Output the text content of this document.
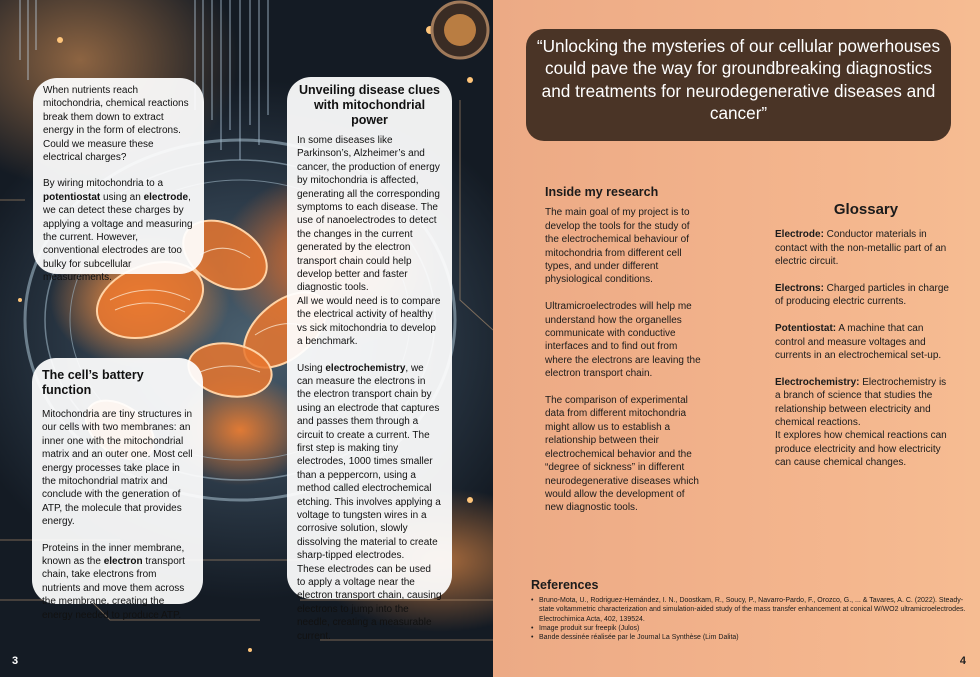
When nutrients reach mitochondria, chemical reactions break them down to extract energy in the form of electrons.
Could we measure these electrical charges?

By wiring mitochondria to a potentiostat using an electrode, we can detect these charges by applying a voltage and measuring the current. However, conventional electrodes are too bulky for subcellular measurements.

Unveiling disease clues with mitochondrial power

In some diseases like Parkinson’s, Alzheimer’s and cancer, the production of energy by mitochondria is affected, generating all the corresponding symptoms to each disease. The use of nanoelectrodes to detect the changes in the current generated by the electron transport chain could help develop better and faster diagnostic tools.
All we would need is to compare the electrical activity of healthy vs sick mitochondria to develop a benchmark.

Using electrochemistry, we can measure the electrons in the electron transport chain by using an electrode that captures and passes them through a circuit to create a current. The first step is making tiny electrodes, 1000 times smaller than a peppercorn, using a method called electrochemical etching. This involves applying a voltage to tungsten wires in a corrosive solution, slowly dissolving the material to create sharp-tipped electrodes.
These electrodes can be used to apply a voltage near the electron transport chain, causing electrons to jump into the needle, creating a measurable current.

The cell’s battery function

Mitochondria are tiny structures in our cells with two membranes: an inner one with the mitochondrial matrix and an outer one. Most cell energy processes take place in the mitochondrial matrix and conclude with the generation of ATP, the molecule that provides energy.

Proteins in the inner membrane, known as the electron transport chain, take electrons from nutrients and move them across the membrane, creating the energy needed to produce ATP.

3
“Unlocking the mysteries of our cellular powerhouses could pave the way for groundbreaking diagnostics and treatments for neurodegenerative diseases and cancer”
Inside my research

The main goal of my project is to develop the tools for the study of the electrochemical behaviour of mitochondria from different cell types, and under different physiological conditions.

Ultramicroelectrodes will help me understand how the organelles communicate with conductive interfaces and to find out from where the electrons are leaving the electron transport chain.

The comparison of experimental data from different mitochondria might allow us to establish a relationship between their electrochemical behavior and the “degree of sickness” in different neurodegenerative diseases which would allow the development of new diagnostic tools.

Glossary
Electrode: Conductor materials in contact with the non-metallic part of an electric circuit.
Electrons: Charged particles in charge of producing electric currents.
Potentiostat: A machine that can control and measure voltages and currents in an electrochemical set-up.
Electrochemistry: Electrochemistry is a branch of science that studies the relationship between electricity and chemical reactions.
It explores how chemical reactions can produce electricity and how electricity can cause chemical changes.
References
• Bruno-Mota, U., Rodriguez-Hernández, I. N., Doostkam, R., Soucy, P., Navarro-Pardo, F., Orozco, G., ... & Tavares, A. C. (2022). Steady-state voltammetric characterization and simulation-aided study of the mass transfer enhancement at conical W/WO2 ultramicroelectrodes. Electrochimica Acta, 402, 139524.
• Image produit sur freepik (Julos)
• Bande dessinée réalisée par le Journal La Synthèse (Lim Dalita)
4
